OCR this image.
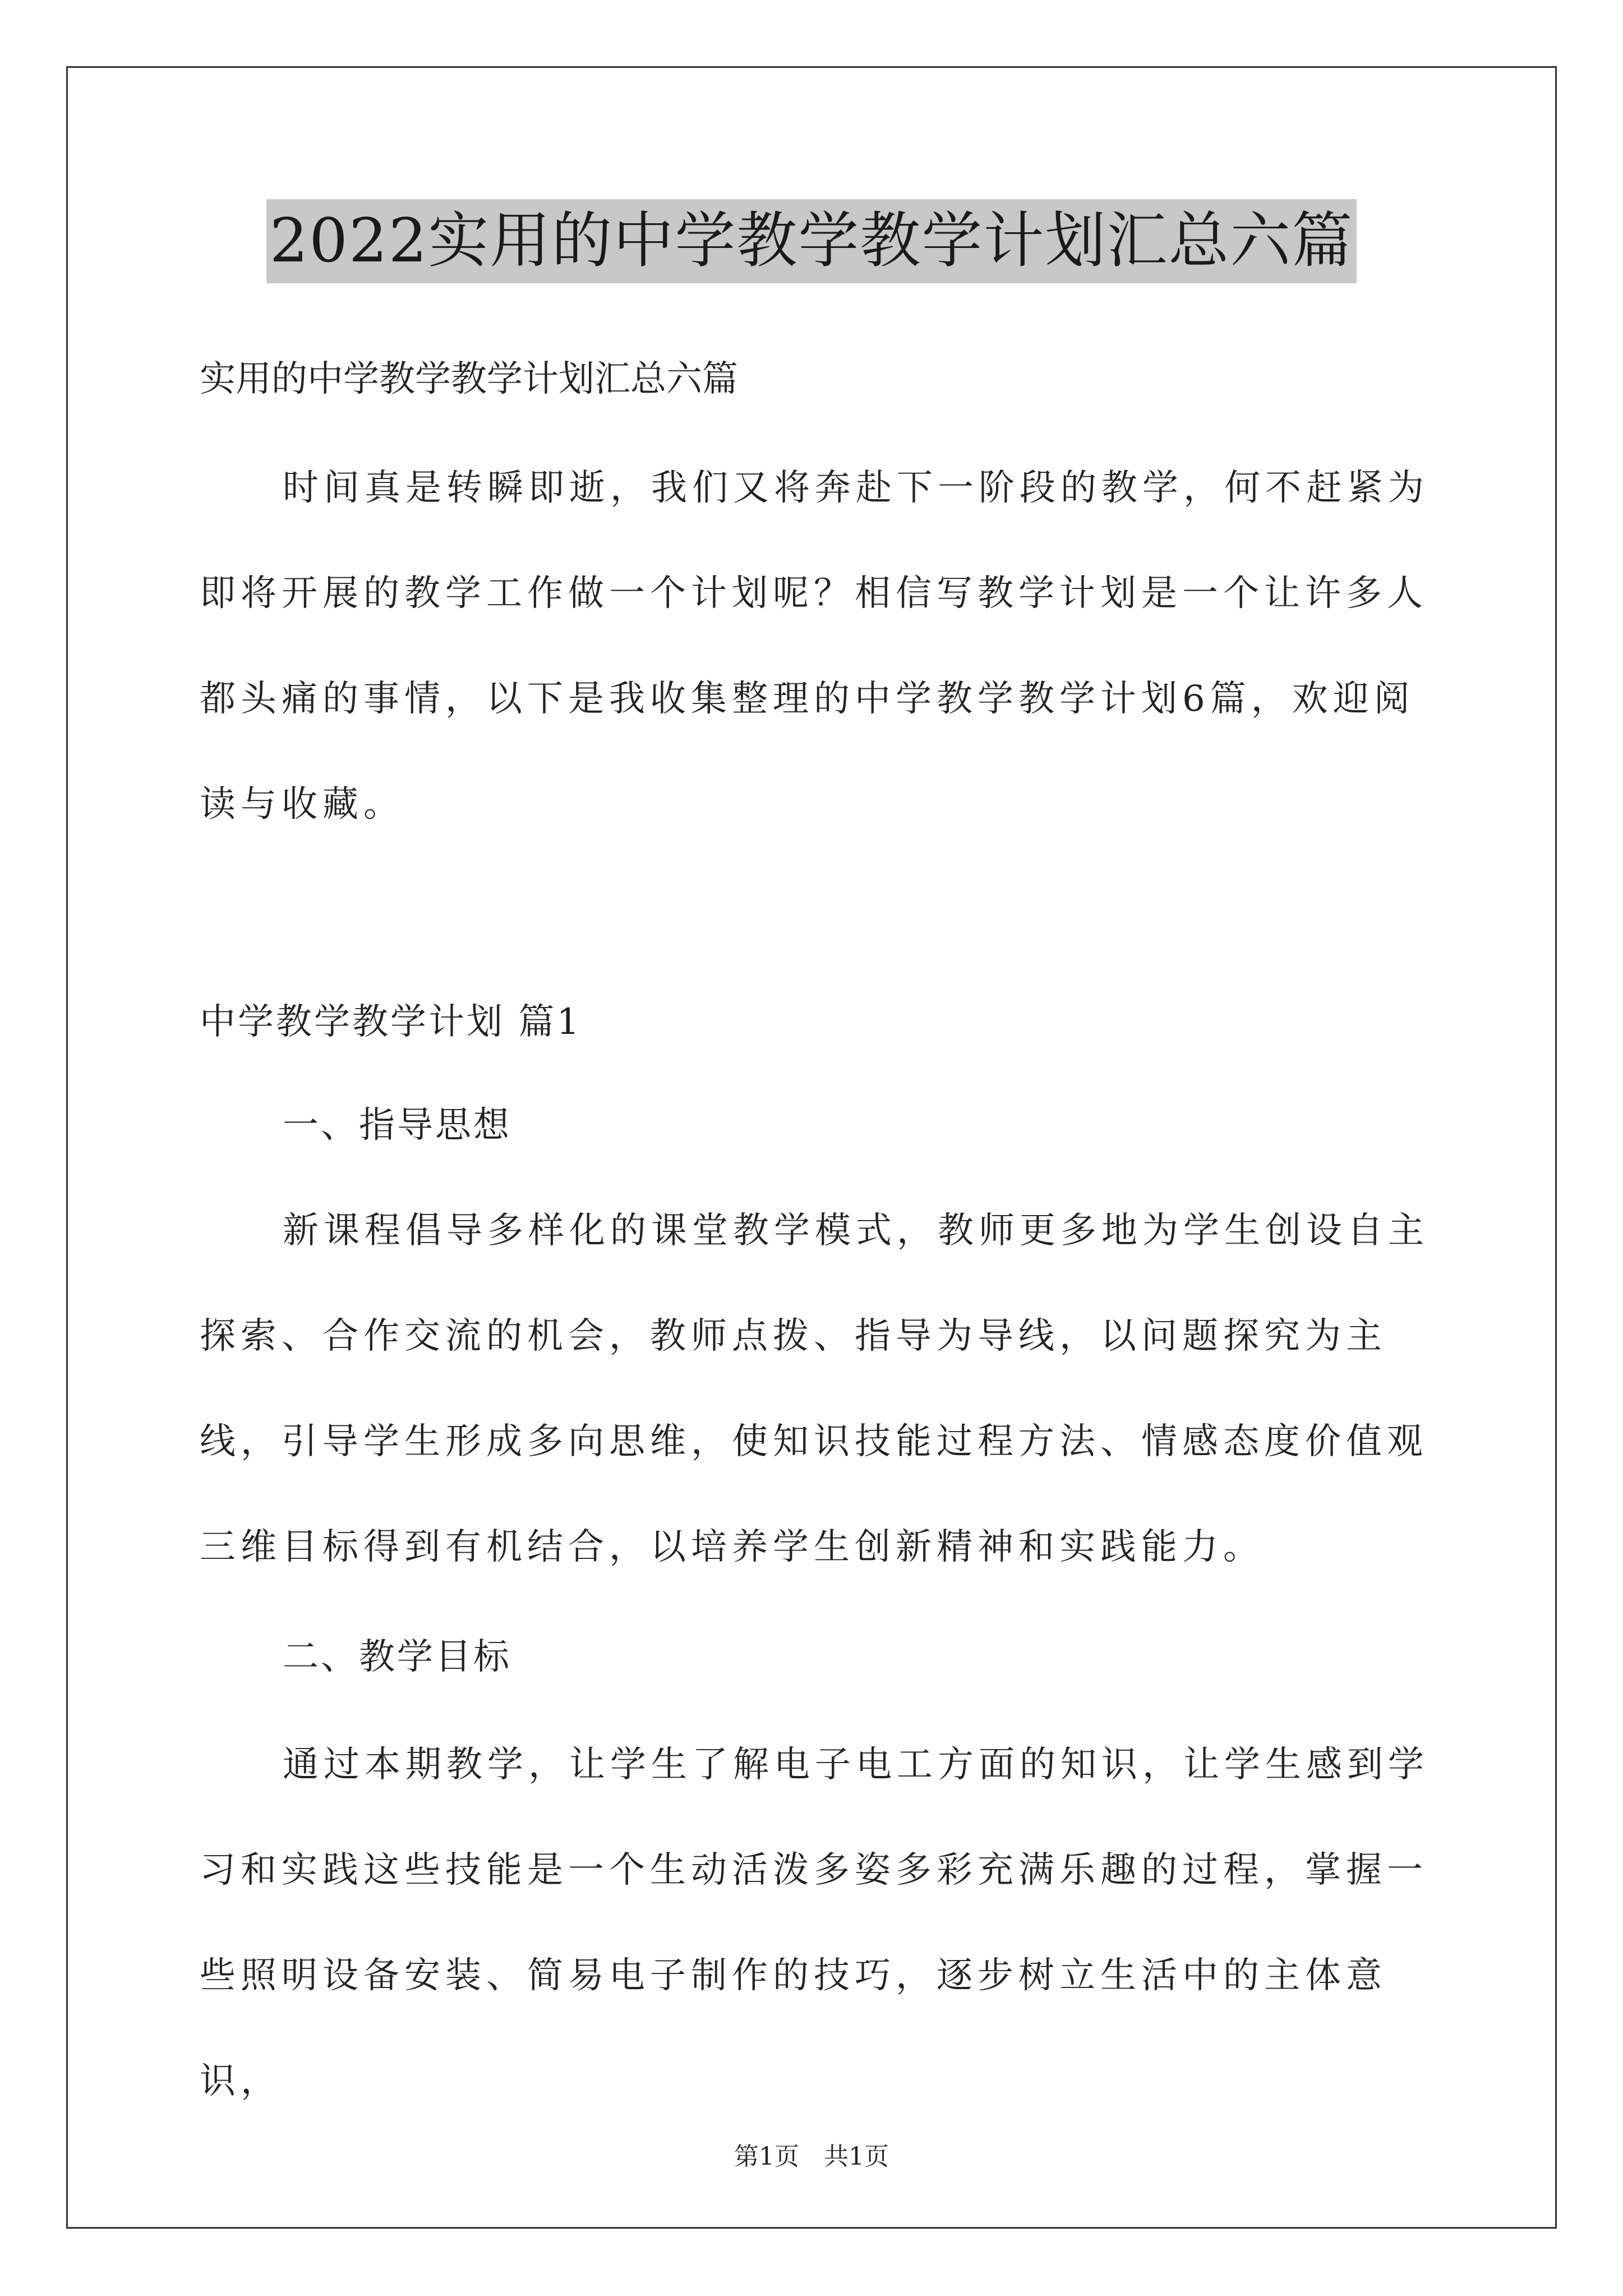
2022实用的中学教学教学计划汇总六篇
实用的中学教学教学计划汇总六篇

时间真是转瞬即逝，我们又将奔赴下一阶段的教学，何不赶紧为即将开展的教学工作做一个计划呢？相信写教学计划是一个让许多人都头痛的事情，以下是我收集整理的中学教学教学计划6篇，欢迎阅读与收藏。

中学教学教学计划 篇1
一、指导思想

新课程倡导多样化的课堂教学模式，教师更多地为学生创设自主探索、合作交流的机会，教师点拨、指导为导线，以问题探究为主线，引导学生形成多向思维，使知识技能过程方法、情感态度价值观三维目标得到有机结合，以培养学生创新精神和实践能力。

二、教学目标

通过本期教学，让学生了解电子电工方面的知识，让学生感到学习和实践这些技能是一个生动活泼多姿多彩充满乐趣的过程，掌握一些照明设备安装、简易电子制作的技巧，逐步树立生活中的主体意识，

第1页　共1页
